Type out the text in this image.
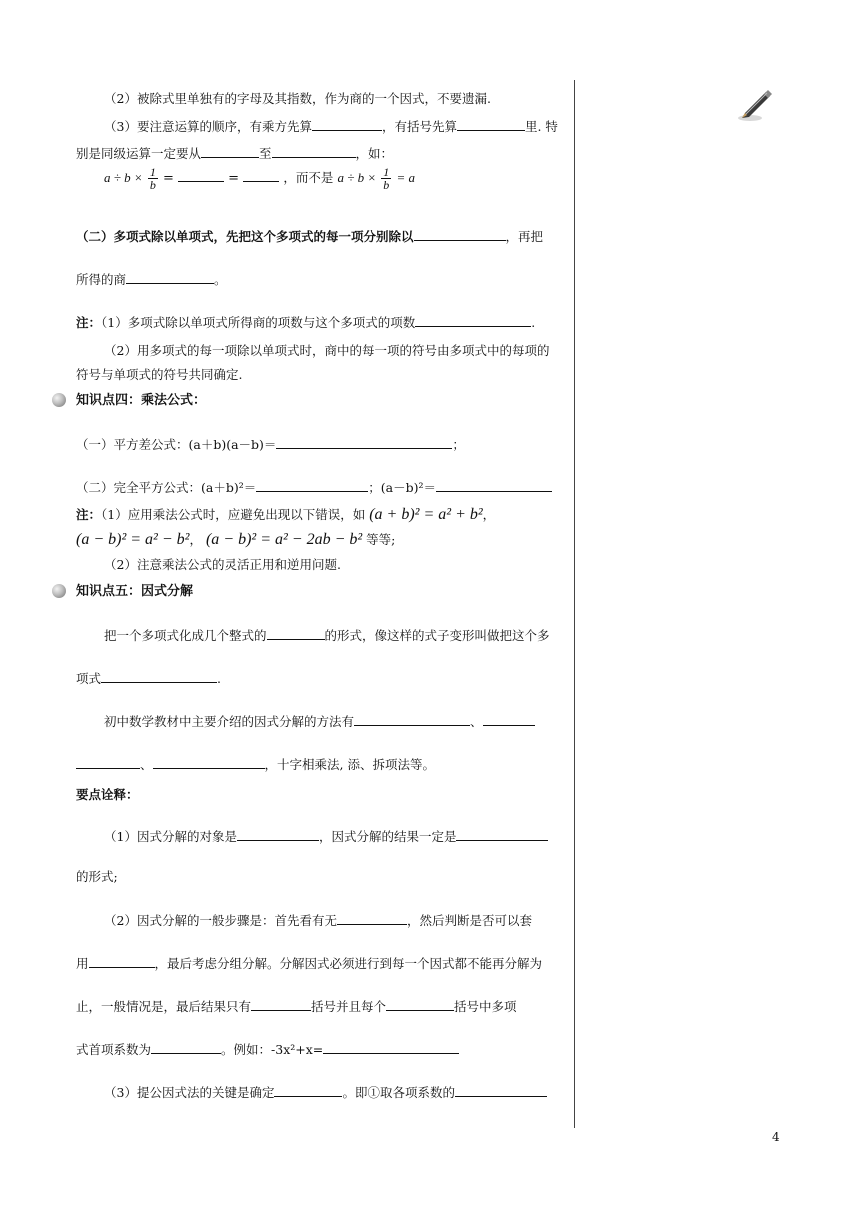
（2）被除式里单独有的字母及其指数，作为商的一个因式，不要遗漏.
（3）要注意运算的顺序，有乘方先算	，有括号先算	里. 特
别是同级运算一定要从	至	，如：
$a \div b \times \frac{1}{b}$ =	=	，而不是 $a \div b \times \frac{1}{b} = a$
（二）多项式除以单项式，先把这个多项式的每一项分别除以	，再把
所得的商	。
注：（1）多项式除以单项式所得商的项数与这个多项式的项数	.
（2）用多项式的每一项除以单项式时，商中的每一项的符号由多项式中的每项的
符号与单项式的符号共同确定.
知识点四：乘法公式：
（一）平方差公式：(a＋b)(a－b)＝	；
（二）完全平方公式：(a＋b)²＝	；(a－b)²＝
注：（1）应用乘法公式时，应避免出现以下错误，如 (a + b)² = a² + b²，
(a − b)² = a² − b²， (a − b)² = a² − 2ab − b² 等等;
（2）注意乘法公式的灵活正用和逆用问题.
知识点五：因式分解
把一个多项式化成几个整式的	的形式，像这样的式子变形叫做把这个多
项式	.
初中数学教材中主要介绍的因式分解的方法有	、
、	，十字相乘法, 添、拆项法等。
要点诠释：
（1）因式分解的对象是	，因式分解的结果一定是
的形式;
（2）因式分解的一般步骤是：首先看有无	，然后判断是否可以套
用	，最后考虑分组分解。分解因式必须进行到每一个因式都不能再分解为
止，一般情况是，最后结果只有	括号并且每个	括号中多项
式首项系数为	。例如：-3x²+x=
（3）提公因式法的关键是确定	。即①取各项系数的
4
